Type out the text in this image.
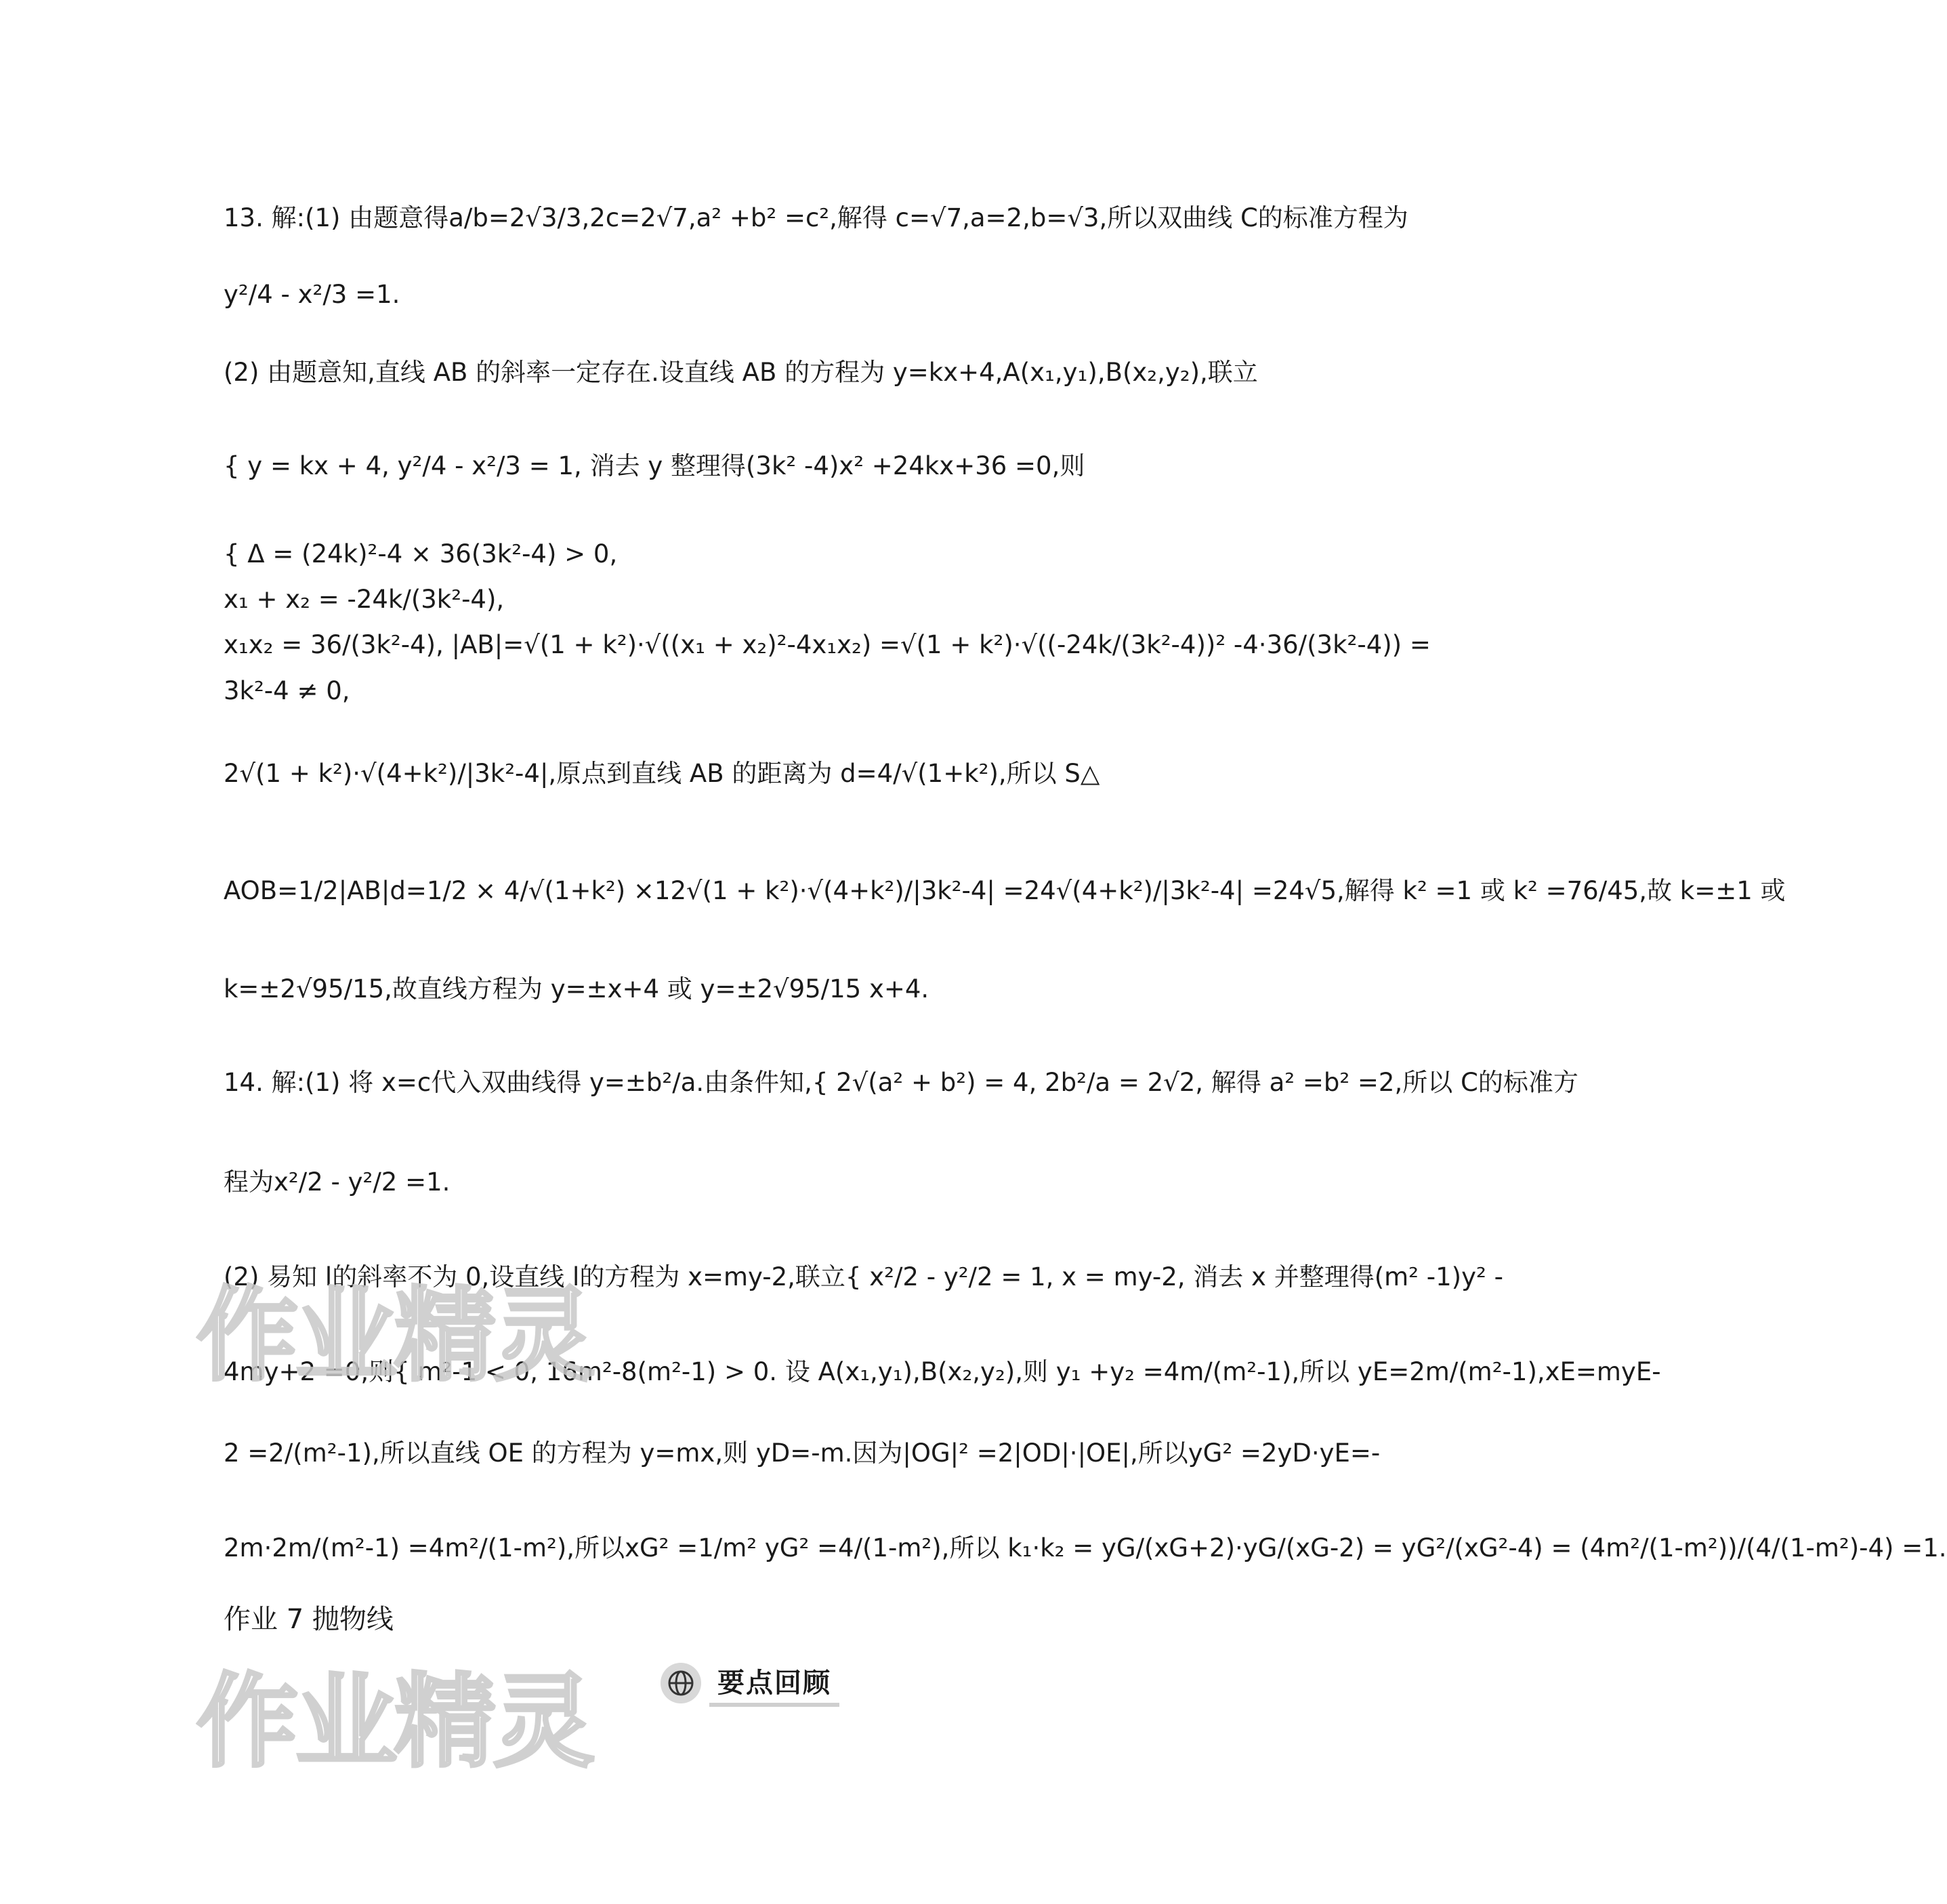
13. 解:(1) 由题意得a/b=2√3/3,2c=2√7,a² +b² =c²,解得 c=√7,a=2,b=√3,所以双曲线 C的标准方程为
y²/4 - x²/3 =1.
(2) 由题意知,直线 AB 的斜率一定存在.设直线 AB 的方程为 y=kx+4,A(x₁,y₁),B(x₂,y₂),联立
{ y = kx + 4, y²/4 - x²/3 = 1, 消去 y 整理得(3k² -4)x² +24kx+36 =0,则
{ Δ = (24k)²-4 × 36(3k²-4) > 0,
x₁ + x₂ = -24k/(3k²-4),
x₁x₂ = 36/(3k²-4), |AB|=√(1 + k²)·√((x₁ + x₂)²-4x₁x₂) =√(1 + k²)·√((-24k/(3k²-4))² -4·36/(3k²-4)) =
3k²-4 ≠ 0,
2√(1 + k²)·√(4+k²)/|3k²-4|,原点到直线 AB 的距离为 d=4/√(1+k²),所以 S△
AOB=1/2|AB|d=1/2 × 4/√(1+k²) ×12√(1 + k²)·√(4+k²)/|3k²-4| =24√(4+k²)/|3k²-4| =24√5,解得 k² =1 或 k² =76/45,故 k=±1 或
k=±2√95/15,故直线方程为 y=±x+4 或 y=±2√95/15 x+4.
14. 解:(1) 将 x=c代入双曲线得 y=±b²/a.由条件知,{ 2√(a² + b²) = 4, 2b²/a = 2√2, 解得 a² =b² =2,所以 C的标准方
程为x²/2 - y²/2 =1.
(2) 易知 l的斜率不为 0,设直线 l的方程为 x=my-2,联立{ x²/2 - y²/2 = 1, x = my-2, 消去 x 并整理得(m² -1)y² -
4my+2 =0,则{ m²-1 < 0, 16m²-8(m²-1) > 0. 设 A(x₁,y₁),B(x₂,y₂),则 y₁ +y₂ =4m/(m²-1),所以 yE=2m/(m²-1),xE=myE-
2 =2/(m²-1),所以直线 OE 的方程为 y=mx,则 yD=-m.因为|OG|² =2|OD|·|OE|,所以yG² =2yD·yE=-
2m·2m/(m²-1) =4m²/(1-m²),所以xG² =1/m² yG² =4/(1-m²),所以 k₁·k₂ = yG/(xG+2)·yG/(xG-2) = yG²/(xG²-4) = (4m²/(1-m²))/(4/(1-m²)-4) =1.
作业精灵
作业精灵
作业 7 抛物线
要点回顾
